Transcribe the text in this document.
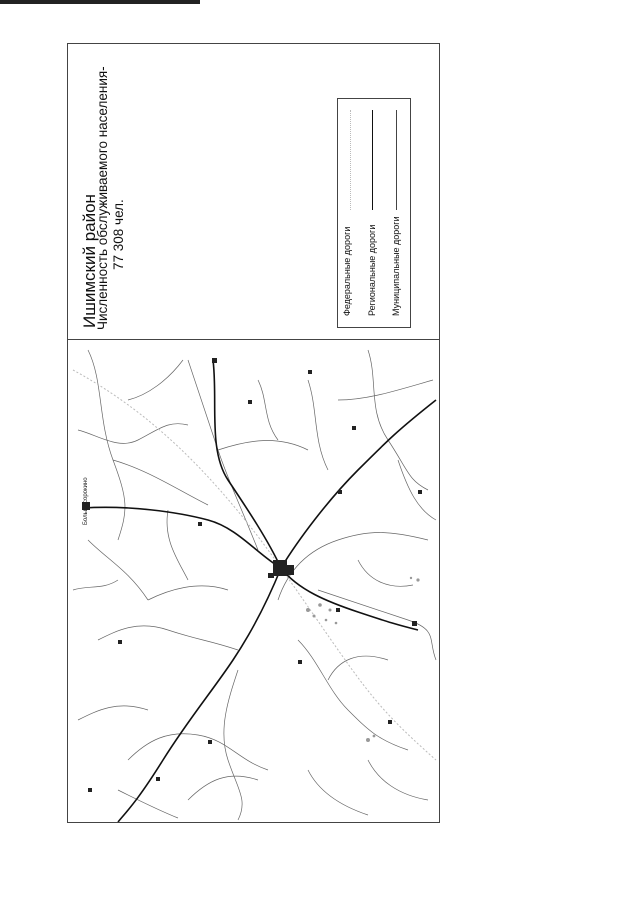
Ишимский район
Численность обслуживаемого населения- 77 308 чел.	Федеральные дороги Региональные дороги Муниципальные дороги
Большесорокино
